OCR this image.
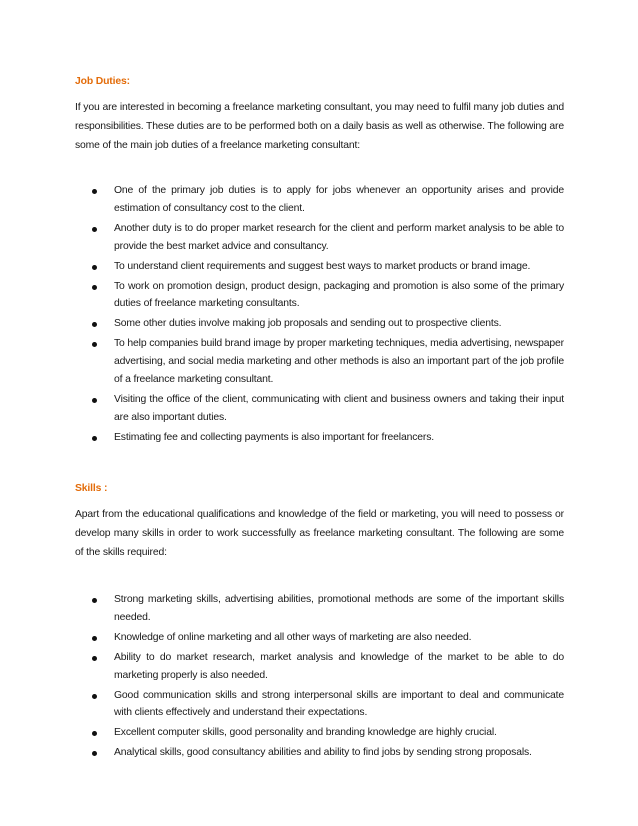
Job Duties:

If you are interested in becoming a freelance marketing consultant, you may need to fulfil many job duties and responsibilities. These duties are to be performed both on a daily basis as well as otherwise. The following are some of the main job duties of a freelance marketing consultant:

One of the primary job duties is to apply for jobs whenever an opportunity arises and provide estimation of consultancy cost to the client.
Another duty is to do proper market research for the client and perform market analysis to be able to provide the best market advice and consultancy.
To understand client requirements and suggest best ways to market products or brand image.
To work on promotion design, product design, packaging and promotion is also some of the primary duties of freelance marketing consultants.
Some other duties involve making job proposals and sending out to prospective clients.
To help companies build brand image by proper marketing techniques, media advertising, newspaper advertising, and social media marketing and other methods is also an important part of the job profile of a freelance marketing consultant.
Visiting the office of the client, communicating with client and business owners and taking their input are also important duties.
Estimating fee and collecting payments is also important for freelancers.
Skills :

Apart from the educational qualifications and knowledge of the field or marketing, you will need to possess or develop many skills in order to work successfully as freelance marketing consultant. The following are some of the skills required:

Strong marketing skills, advertising abilities, promotional methods are some of the important skills needed.
Knowledge of online marketing and all other ways of marketing are also needed.
Ability to do market research, market analysis and knowledge of the market to be able to do marketing properly is also needed.
Good communication skills and strong interpersonal skills are important to deal and communicate with clients effectively and understand their expectations.
Excellent computer skills, good personality and branding knowledge are highly crucial.
Analytical skills, good consultancy abilities and ability to find jobs by sending strong proposals.
